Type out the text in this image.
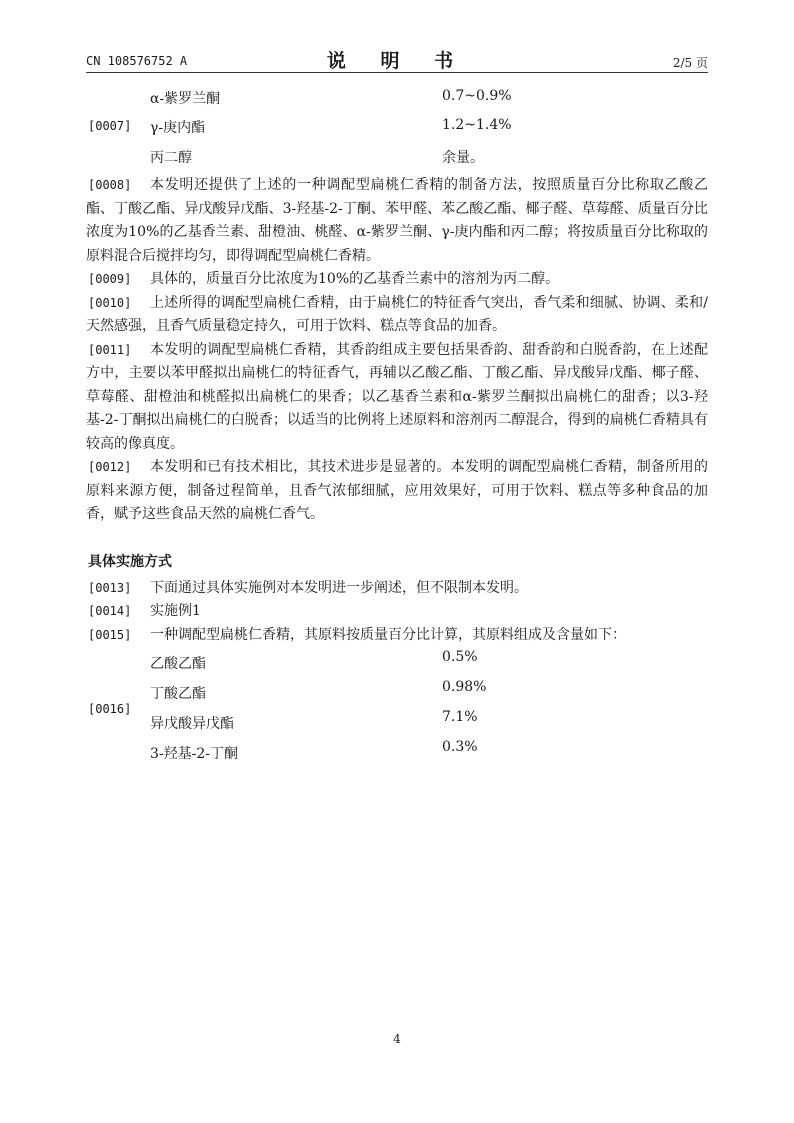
CN 108576752 A	说 明 书	2/5 页
α-紫罗兰酮	0.7~0.9%
[0007] γ-庚内酯	1.2~1.4%
丙二醇	余量。
[0008]	本发明还提供了上述的一种调配型扁桃仁香精的制备方法，按照质量百分比称取乙酸乙酯、丁酸乙酯、异戊酸异戊酯、3-羟基-2-丁酮、苯甲醛、苯乙酸乙酯、椰子醛、草莓醛、质量百分比浓度为10%的乙基香兰素、甜橙油、桃醛、α-紫罗兰酮、γ-庚内酯和丙二醇；将按质量百分比称取的原料混合后搅拌均匀，即得调配型扁桃仁香精。
[0009]	具体的，质量百分比浓度为10%的乙基香兰素中的溶剂为丙二醇。
[0010]	上述所得的调配型扁桃仁香精，由于扁桃仁的特征香气突出，香气柔和细腻、协调、柔和/天然感强，且香气质量稳定持久，可用于饮料、糕点等食品的加香。
[0011]	本发明的调配型扁桃仁香精，其香韵组成主要包括果香韵、甜香韵和白脱香韵，在上述配方中，主要以苯甲醛拟出扁桃仁的特征香气，再辅以乙酸乙酯、丁酸乙酯、异戊酸异戊酯、椰子醛、草莓醛、甜橙油和桃醛拟出扁桃仁的果香；以乙基香兰素和α-紫罗兰酮拟出扁桃仁的甜香；以3-羟基-2-丁酮拟出扁桃仁的白脱香；以适当的比例将上述原料和溶剂丙二醇混合，得到的扁桃仁香精具有较高的像真度。
[0012]	本发明和已有技术相比，其技术进步是显著的。本发明的调配型扁桃仁香精，制备所用的原料来源方便，制备过程简单，且香气浓郁细腻，应用效果好，可用于饮料、糕点等多种食品的加香，赋予这些食品天然的扁桃仁香气。
具体实施方式
[0013]	下面通过具体实施例对本发明进一步阐述，但不限制本发明。
[0014]	实施例1
[0015]	一种调配型扁桃仁香精，其原料按质量百分比计算，其原料组成及含量如下：
[0016]
乙酸乙酯	0.5%
丁酸乙酯	0.98%
异戊酸异戊酯	7.1%
3-羟基-2-丁酮	0.3%
4
